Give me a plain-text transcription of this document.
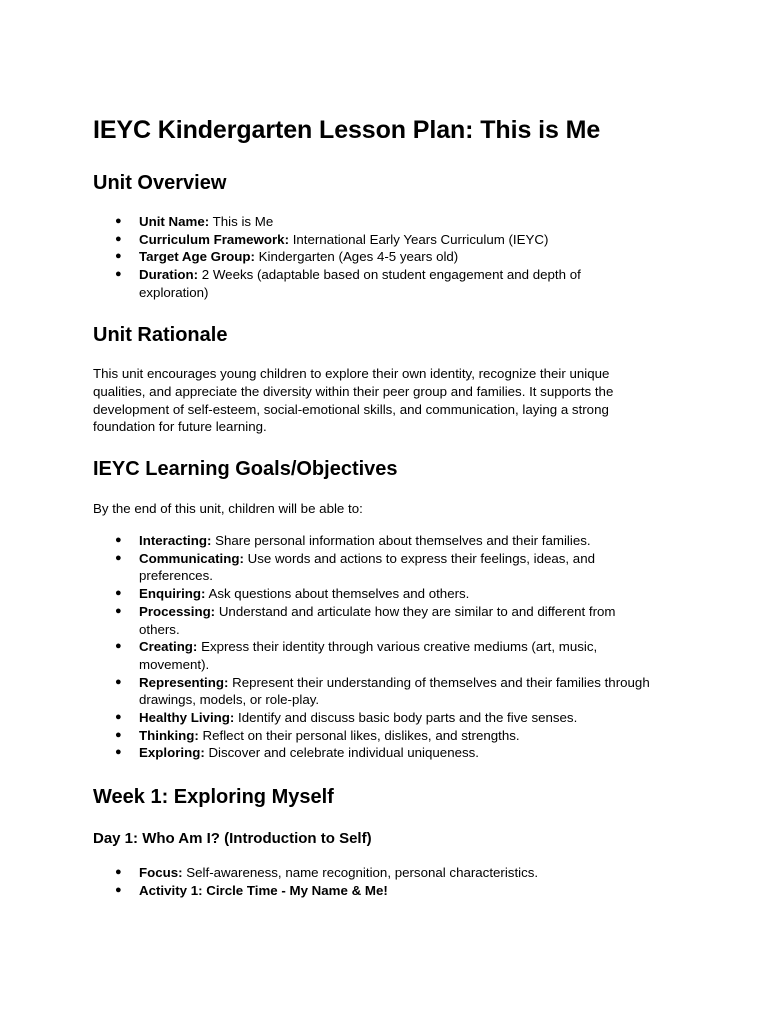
IEYC Kindergarten Lesson Plan: This is Me
Unit Overview
● Unit Name: This is Me
● Curriculum Framework: International Early Years Curriculum (IEYC)
● Target Age Group: Kindergarten (Ages 4-5 years old)
● Duration: 2 Weeks (adaptable based on student engagement and depth of exploration)
Unit Rationale

This unit encourages young children to explore their own identity, recognize their unique qualities, and appreciate the diversity within their peer group and families. It supports the development of self-esteem, social-emotional skills, and communication, laying a strong foundation for future learning.

IEYC Learning Goals/Objectives

By the end of this unit, children will be able to:

● Interacting: Share personal information about themselves and their families.
● Communicating: Use words and actions to express their feelings, ideas, and preferences.
● Enquiring: Ask questions about themselves and others.
● Processing: Understand and articulate how they are similar to and different from others.
● Creating: Express their identity through various creative mediums (art, music, movement).
● Representing: Represent their understanding of themselves and their families through drawings, models, or role-play.
● Healthy Living: Identify and discuss basic body parts and the five senses.
● Thinking: Reflect on their personal likes, dislikes, and strengths.
● Exploring: Discover and celebrate individual uniqueness.
Week 1: Exploring Myself
Day 1: Who Am I? (Introduction to Self)
● Focus: Self-awareness, name recognition, personal characteristics.
● Activity 1: Circle Time - My Name & Me!
